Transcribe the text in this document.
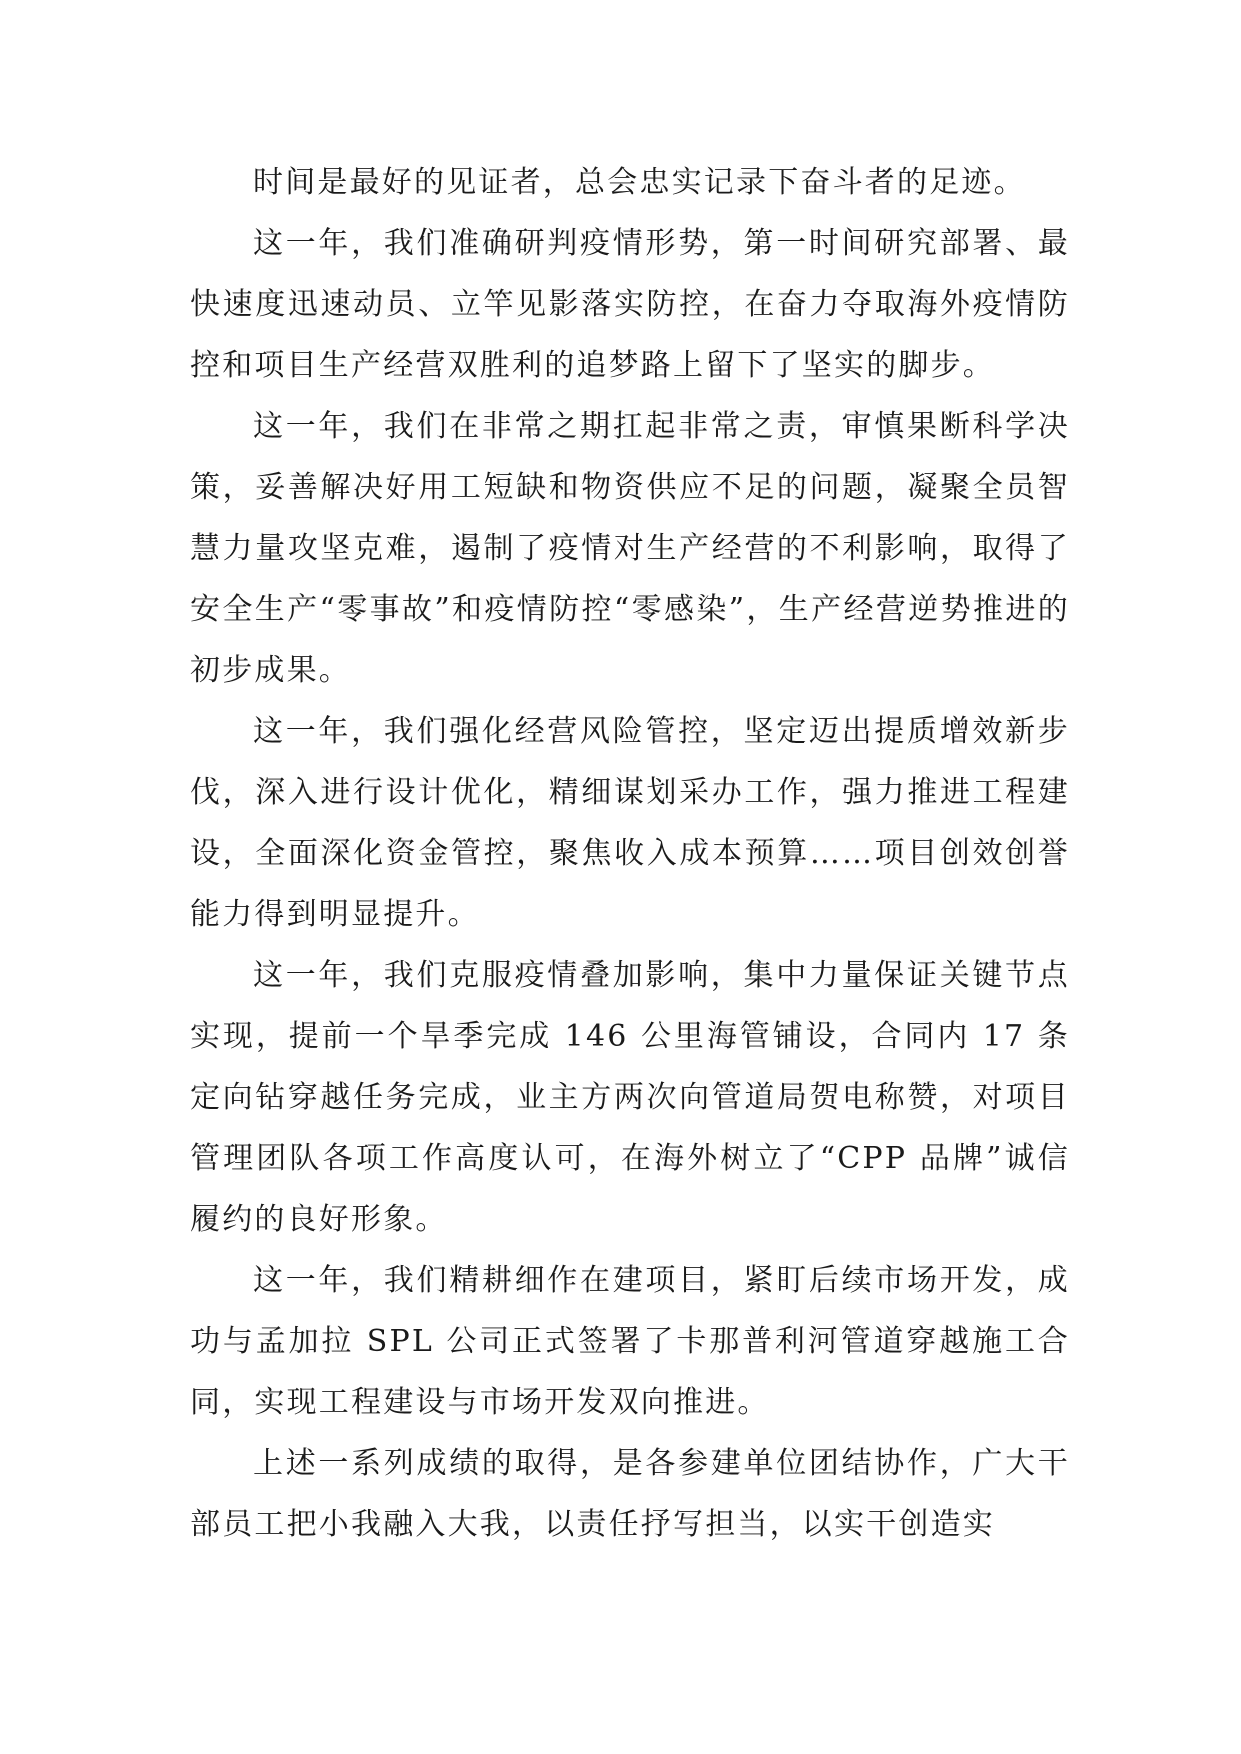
时间是最好的见证者，总会忠实记录下奋斗者的足迹。

这一年，我们准确研判疫情形势，第一时间研究部署、最快速度迅速动员、立竿见影落实防控，在奋力夺取海外疫情防控和项目生产经营双胜利的追梦路上留下了坚实的脚步。

这一年，我们在非常之期扛起非常之责，审慎果断科学决策，妥善解决好用工短缺和物资供应不足的问题，凝聚全员智慧力量攻坚克难，遏制了疫情对生产经营的不利影响，取得了安全生产“零事故”和疫情防控“零感染”，生产经营逆势推进的初步成果。

这一年，我们强化经营风险管控，坚定迈出提质增效新步伐，深入进行设计优化，精细谋划采办工作，强力推进工程建设，全面深化资金管控，聚焦收入成本预算……项目创效创誉能力得到明显提升。

这一年，我们克服疫情叠加影响，集中力量保证关键节点实现，提前一个旱季完成 146 公里海管铺设，合同内 17 条定向钻穿越任务完成，业主方两次向管道局贺电称赞，对项目管理团队各项工作高度认可，在海外树立了“CPP 品牌”诚信履约的良好形象。

这一年，我们精耕细作在建项目，紧盯后续市场开发，成功与孟加拉 SPL 公司正式签署了卡那普利河管道穿越施工合同，实现工程建设与市场开发双向推进。

上述一系列成绩的取得，是各参建单位团结协作，广大干部员工把小我融入大我，以责任抒写担当，以实干创造实
